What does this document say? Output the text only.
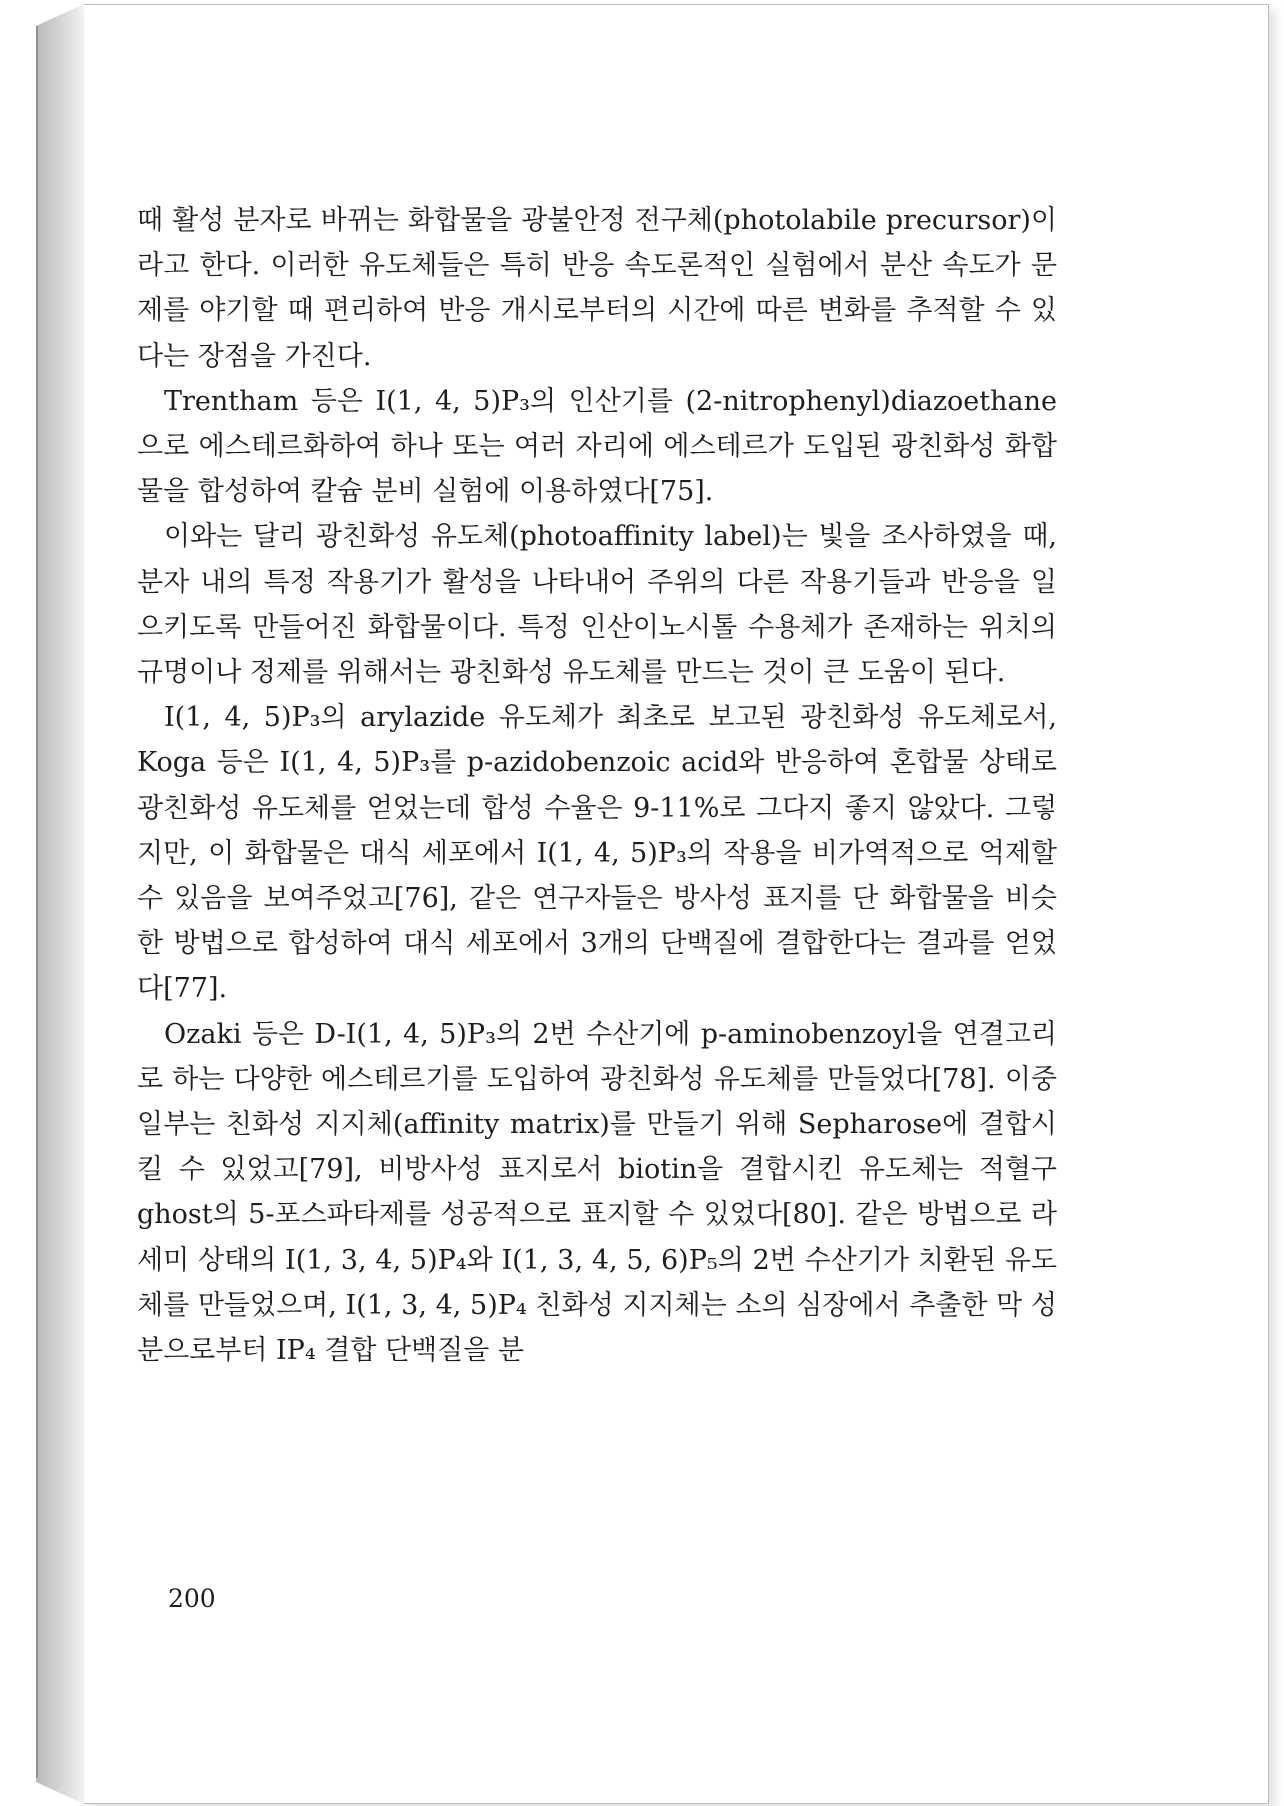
때 활성 분자로 바뀌는 화합물을 광불안정 전구체(photolabile precursor)이라고 한다. 이러한 유도체들은 특히 반응 속도론적인 실험에서 분산 속도가 문제를 야기할 때 편리하여 반응 개시로부터의 시간에 따른 변화를 추적할 수 있다는 장점을 가진다.

Trentham 등은 I(1, 4, 5)P₃의 인산기를 (2-nitrophenyl)diazoethane으로 에스테르화하여 하나 또는 여러 자리에 에스테르가 도입된 광친화성 화합물을 합성하여 칼슘 분비 실험에 이용하였다[75].

이와는 달리 광친화성 유도체(photoaffinity label)는 빛을 조사하였을 때, 분자 내의 특정 작용기가 활성을 나타내어 주위의 다른 작용기들과 반응을 일으키도록 만들어진 화합물이다. 특정 인산이노시톨 수용체가 존재하는 위치의 규명이나 정제를 위해서는 광친화성 유도체를 만드는 것이 큰 도움이 된다.

I(1, 4, 5)P₃의 arylazide 유도체가 최초로 보고된 광친화성 유도체로서, Koga 등은 I(1, 4, 5)P₃를 p-azidobenzoic acid와 반응하여 혼합물 상태로 광친화성 유도체를 얻었는데 합성 수율은 9-11%로 그다지 좋지 않았다. 그렇지만, 이 화합물은 대식 세포에서 I(1, 4, 5)P₃의 작용을 비가역적으로 억제할 수 있음을 보여주었고[76], 같은 연구자들은 방사성 표지를 단 화합물을 비슷한 방법으로 합성하여 대식 세포에서 3개의 단백질에 결합한다는 결과를 얻었다[77].

Ozaki 등은 D-I(1, 4, 5)P₃의 2번 수산기에 p-aminobenzoyl을 연결고리로 하는 다양한 에스테르기를 도입하여 광친화성 유도체를 만들었다[78]. 이중 일부는 친화성 지지체(affinity matrix)를 만들기 위해 Sepharose에 결합시킬 수 있었고[79], 비방사성 표지로서 biotin을 결합시킨 유도체는 적혈구 ghost의 5-포스파타제를 성공적으로 표지할 수 있었다[80]. 같은 방법으로 라세미 상태의 I(1, 3, 4, 5)P₄와 I(1, 3, 4, 5, 6)P₅의 2번 수산기가 치환된 유도체를 만들었으며, I(1, 3, 4, 5)P₄ 친화성 지지체는 소의 심장에서 추출한 막 성분으로부터 IP₄ 결합 단백질을 분

200
